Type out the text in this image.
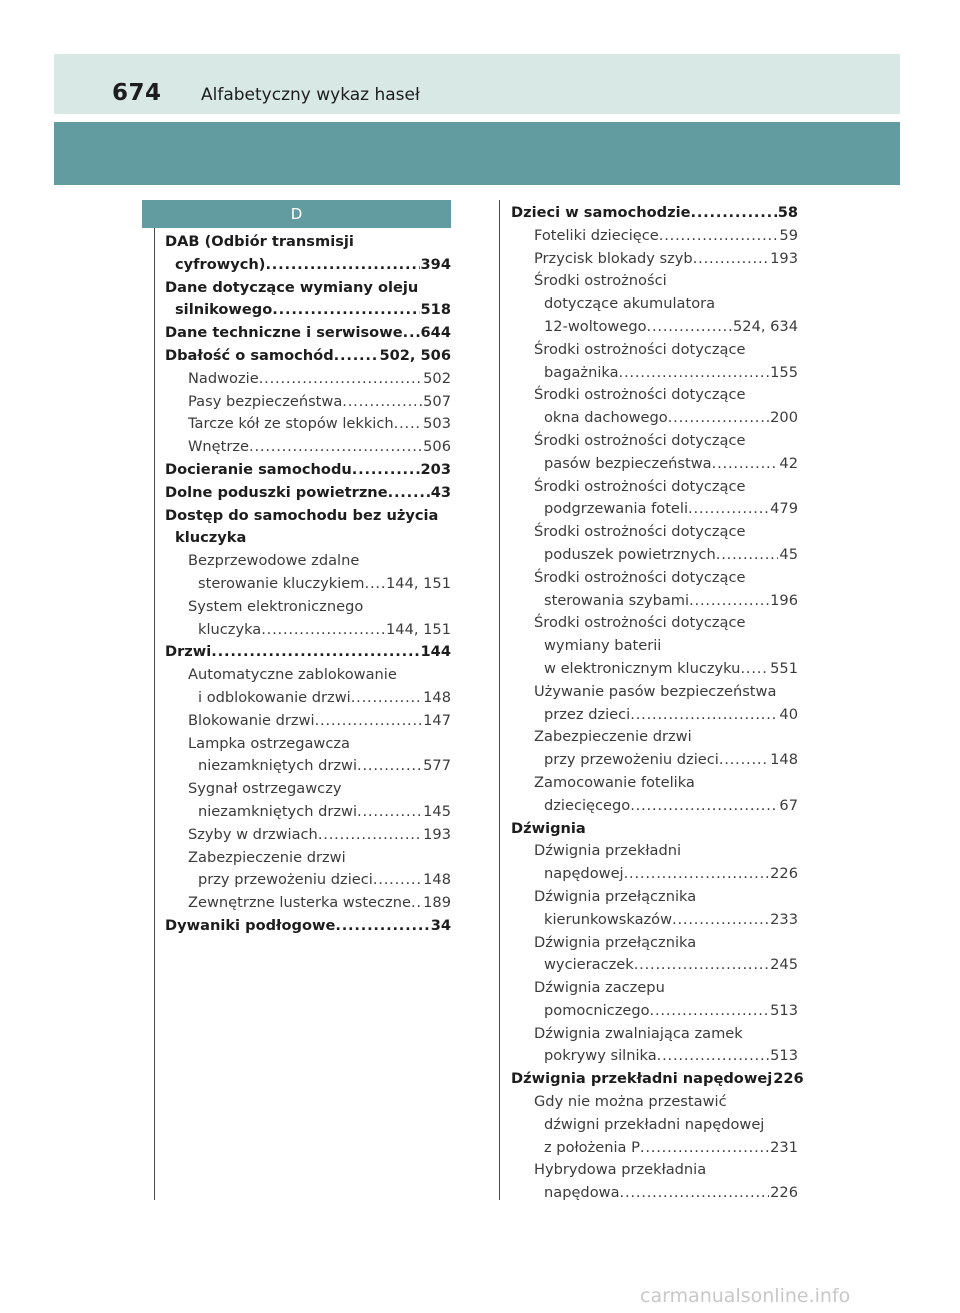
674 Alfabetyczny wykaz haseł
D
DAB (Odbiór transmisji
cyfrowych) .....	394
Dane dotyczące wymiany oleju
silnikowego .....	518
Dane techniczne i serwisowe ..... 644
Dbałość o samochód .....	502, 506
Nadwozie .....	502
Pasy bezpieczeństwa .....	507
Tarcze kół ze stopów lekkich ..... 503
Wnętrze .....	506
Docieranie samochodu .....	203
Dolne poduszki powietrzne .....	43
Dostęp do samochodu bez użycia
kluczyka
Bezprzewodowe zdalne
sterowanie kluczykiem ..... 144, 151
System elektronicznego
kluczyka .....	144, 151
Drzwi .....	144
Automatyczne zablokowanie
i odblokowanie drzwi .....	148
Blokowanie drzwi .....	147
Lampka ostrzegawcza
niezamkniętych drzwi .....	577
Sygnał ostrzegawczy
niezamkniętych drzwi .....	145
Szyby w drzwiach .....	193
Zabezpieczenie drzwi
przy przewożeniu dzieci .....	148
Zewnętrzne lusterka wsteczne ..... 189
Dywaniki podłogowe .....	34
Dzieci w samochodzie .....	58
Foteliki dziecięce .....	59
Przycisk blokady szyb .....	193
Środki ostrożności
dotyczące akumulatora
12-woltowego .....	524, 634
Środki ostrożności dotyczące
bagażnika .....	155
Środki ostrożności dotyczące
okna dachowego .....	200
Środki ostrożności dotyczące
pasów bezpieczeństwa .....	42
Środki ostrożności dotyczące
podgrzewania foteli .....	479
Środki ostrożności dotyczące
poduszek powietrznych .....	45
Środki ostrożności dotyczące
sterowania szybami .....	196
Środki ostrożności dotyczące
wymiany baterii
w elektronicznym kluczyku ..... 551
Używanie pasów bezpieczeństwa
przez dzieci .....	40
Zabezpieczenie drzwi
przy przewożeniu dzieci .....	148
Zamocowanie fotelika
dziecięcego .....	67
Dźwignia
Dźwignia przekładni
napędowej .....	226
Dźwignia przełącznika
kierunkowskazów .....	233
Dźwignia przełącznika
wycieraczek .....	245
Dźwignia zaczepu
pomocniczego .....	513
Dźwignia zwalniająca zamek
pokrywy silnika .....	513
Dźwignia przekładni napędowej 226
Gdy nie można przestawić
dźwigni przekładni napędowej
z położenia P .....	231
Hybrydowa przekładnia
napędowa .....	226
carmanualsonline.info
